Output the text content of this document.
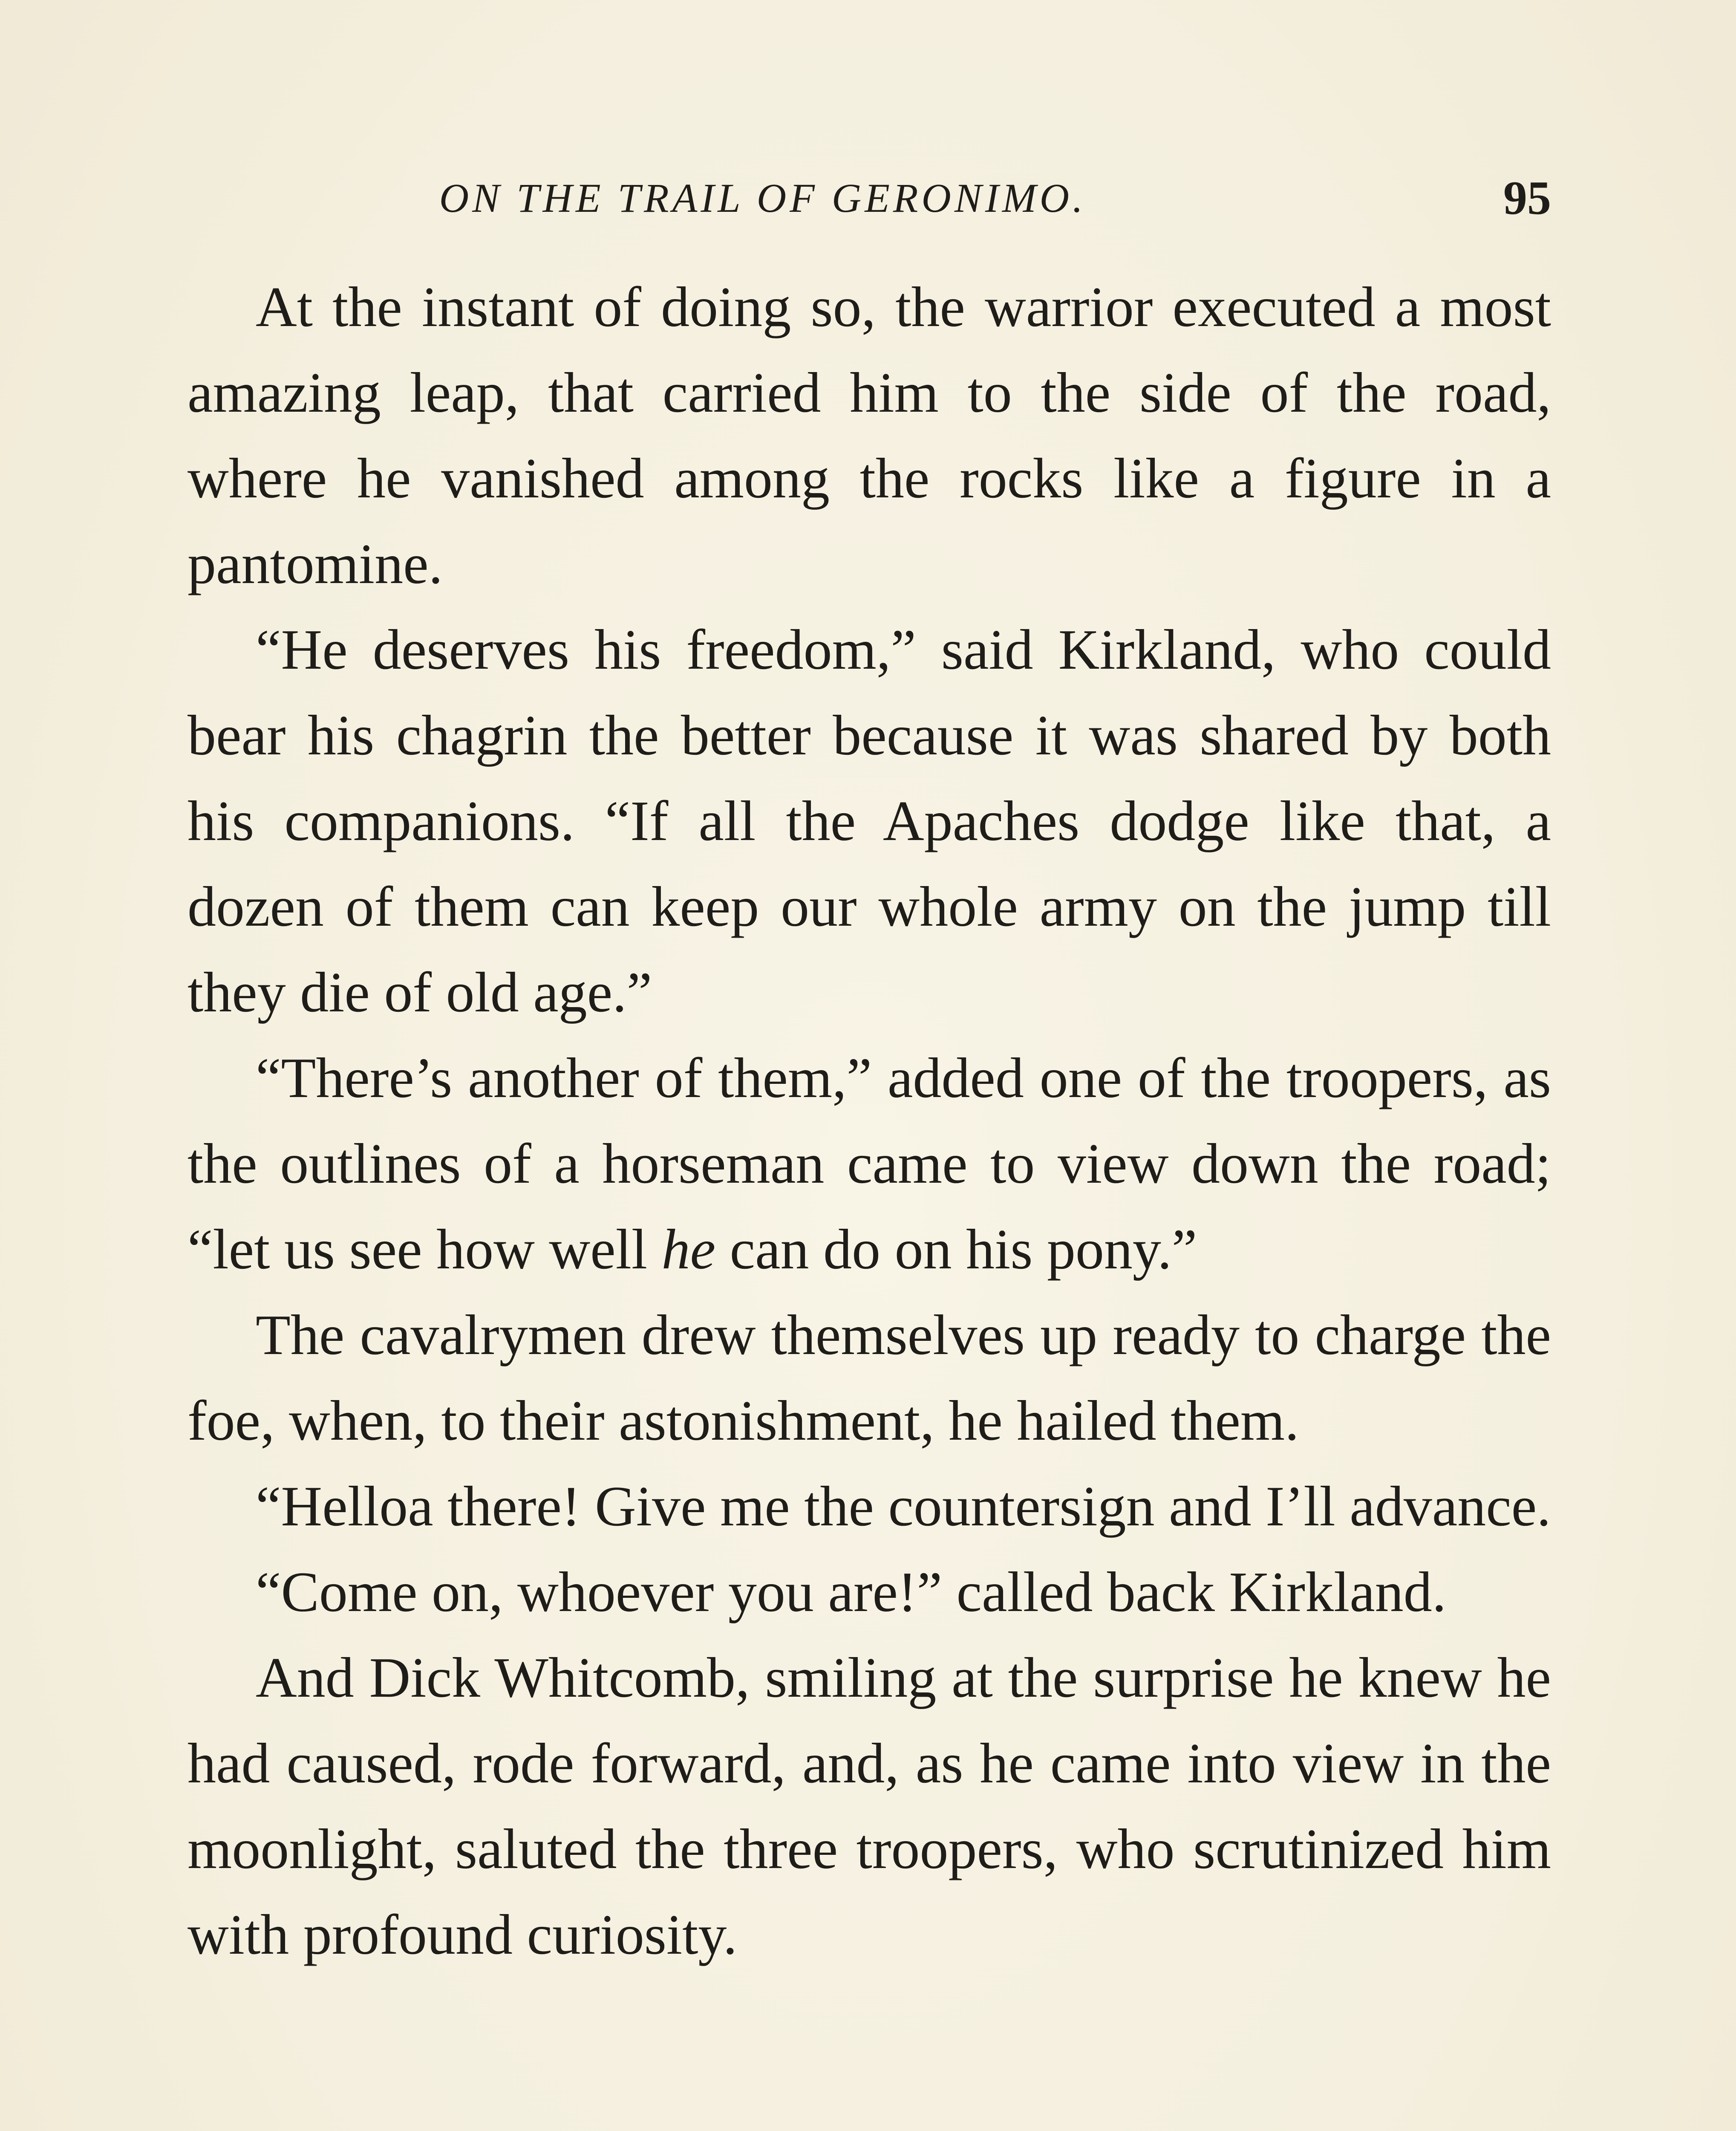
ON THE TRAIL OF GERONIMO.	95

At the instant of doing so, the warrior executed a most amazing leap, that carried him to the side of the road, where he vanished among the rocks like a figure in a pantomine.

“He deserves his freedom,” said Kirkland, who could bear his chagrin the better because it was shared by both his companions. “If all the Apaches dodge like that, a dozen of them can keep our whole army on the jump till they die of old age.”

“There’s another of them,” added one of the troopers, as the outlines of a horseman came to view down the road; “let us see how well he can do on his pony.”

The cavalrymen drew themselves up ready to charge the foe, when, to their astonishment, he hailed them.

“Helloa there! Give me the countersign and I’ll advance.

“Come on, whoever you are!” called back Kirkland.

And Dick Whitcomb, smiling at the surprise he knew he had caused, rode forward, and, as he came into view in the moonlight, saluted the three troopers, who scrutinized him with profound curiosity.
